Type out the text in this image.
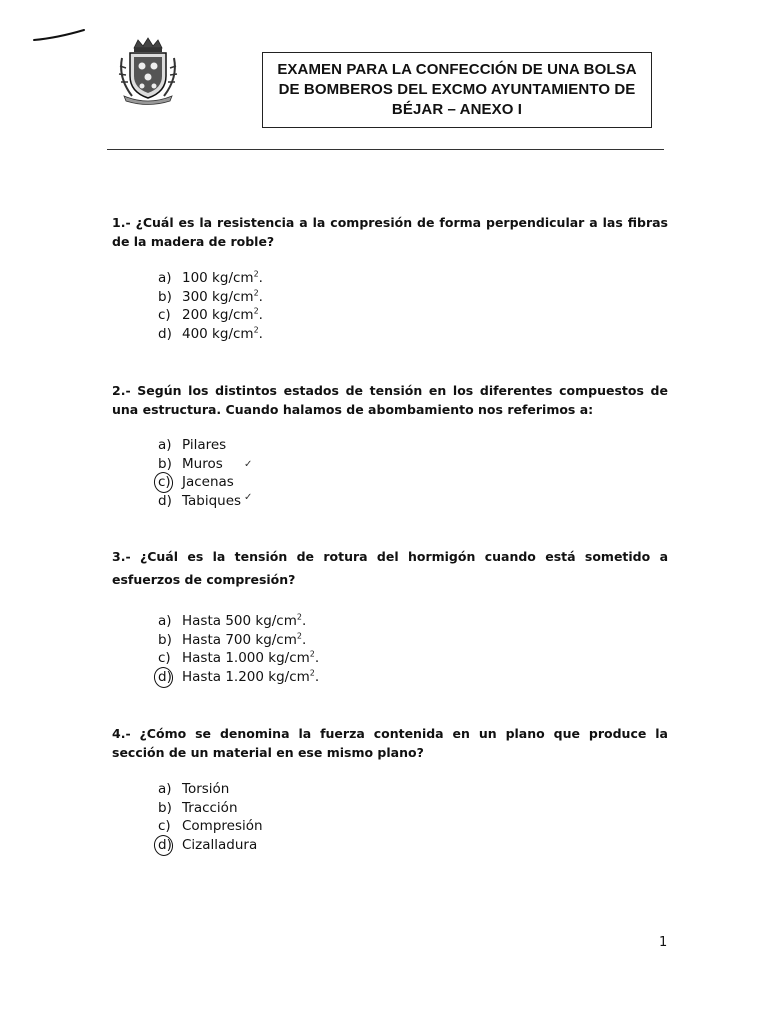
EXAMEN PARA LA CONFECCIÓN DE UNA BOLSA
DE BOMBEROS DEL EXCMO AYUNTAMIENTO DE
BÉJAR – ANEXO I

1.- ¿Cuál es la resistencia a la compresión de forma perpendicular a las fibras de la madera de roble?

a) 100 $kg/cm^2$.
b) 300 $kg/cm^2$.
c) 200 $kg/cm^2$.
d) 400 $kg/cm^2$.

2.- Según los distintos estados de tensión en los diferentes compuestos de una estructura. Cuando halamos de abombamiento nos referimos a:

a) Pilares
b) Muros ✓
c) Jacenas
d) Tabiques ✓

3.- ¿Cuál es la tensión de rotura del hormigón cuando está sometido a esfuerzos de compresión?

a) Hasta 500 $kg/cm^2$.
b) Hasta 700 $kg/cm^2$.
c) Hasta 1.000 $kg/cm^2$.
d) Hasta 1.200 $kg/cm^2$.

4.- ¿Cómo se denomina la fuerza contenida en un plano que produce la sección de un material en ese mismo plano?

a) Torsión
b) Tracción
c) Compresión
d) Cizalladura
1
